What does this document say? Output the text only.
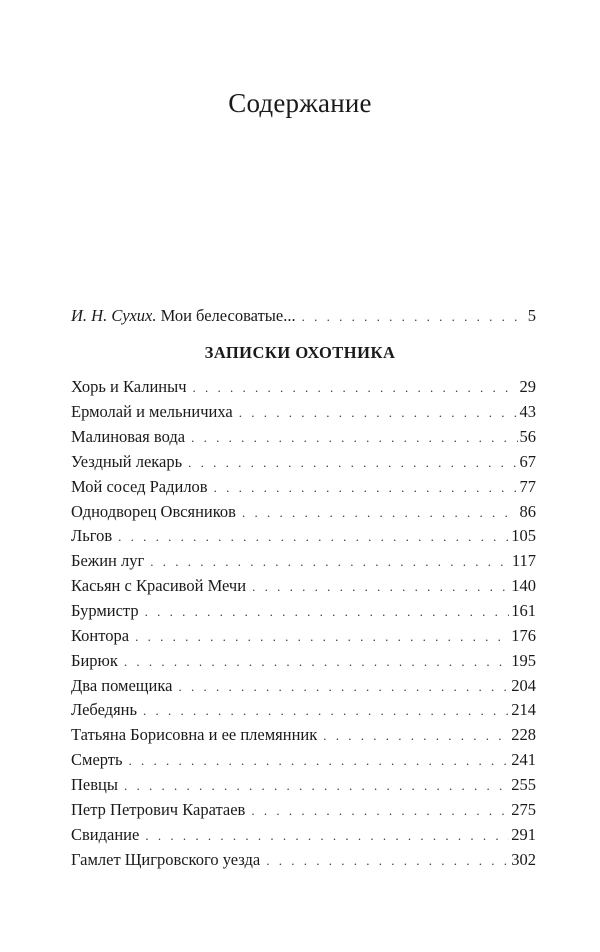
Содержание
И. Н. Сухих. Мои белесоватые... . . .	5
ЗАПИСКИ ОХОТНИКА
Хорь и Калиныч . . .	29
Ермолай и мельничиха . . .	43
Малиновая вода . . .	56
Уездный лекарь . . .	67
Мой сосед Радилов . . .	77
Однодворец Овсяников . . .	86
Льгов . . .	105
Бежин луг . . .	117
Касьян с Красивой Мечи . . .	140
Бурмистр . . .	161
Контора . . .	176
Бирюк . . .	195
Два помещика . . .	204
Лебедянь . . .	214
Татьяна Борисовна и ее племянник . . .	228
Смерть . . .	241
Певцы . . .	255
Петр Петрович Каратаев . . .	275
Свидание . . .	291
Гамлет Щигровского уезда . . .	302
